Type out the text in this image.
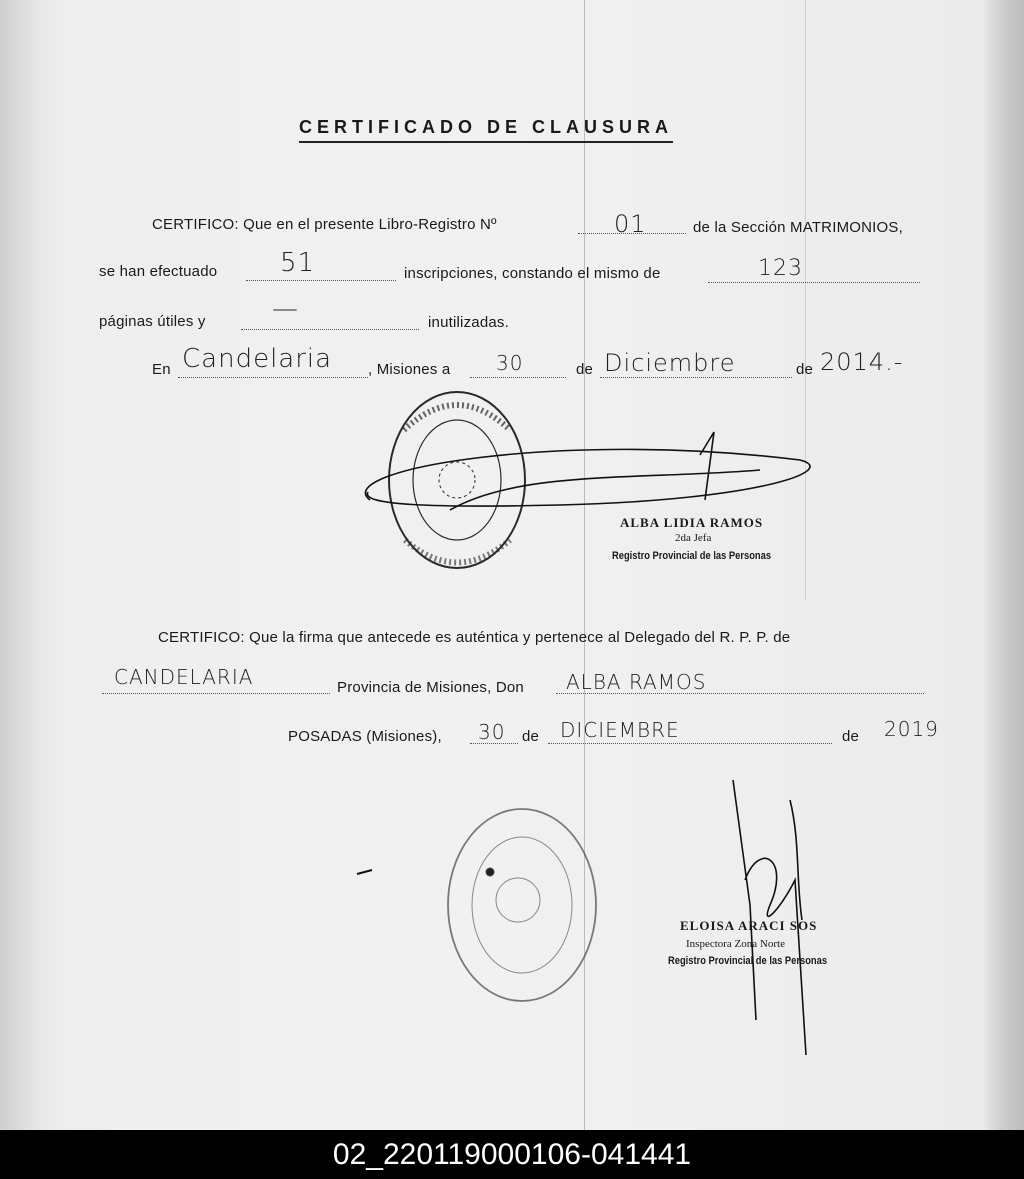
CERTIFICADO DE CLAUSURA
CERTIFICO: Que en el presente Libro-Registro Nº	01	de la Sección MATRIMONIOS,
se han efectuado 51	inscripciones, constando el mismo de	123
páginas útiles y	—	inutilizadas.
En Candelaria , Misiones a 30	de Diciembre	de 2014.-
CERTIFICO: Que la firma que antecede es auténtica y pertenece al Delegado del R. P. P. de
CANDELARIA	Provincia de Misiones, Don ALBA RAMOS
POSADAS (Misiones), 30 de DICIEMBRE	de 2019
ALBA LIDIA RAMOS
2da Jefa
Registro Provincial de las Personas
ELOISA ARACI SOS
Inspectora Zona Norte
Registro Provincial de las Personas
02_220119000106-041441
